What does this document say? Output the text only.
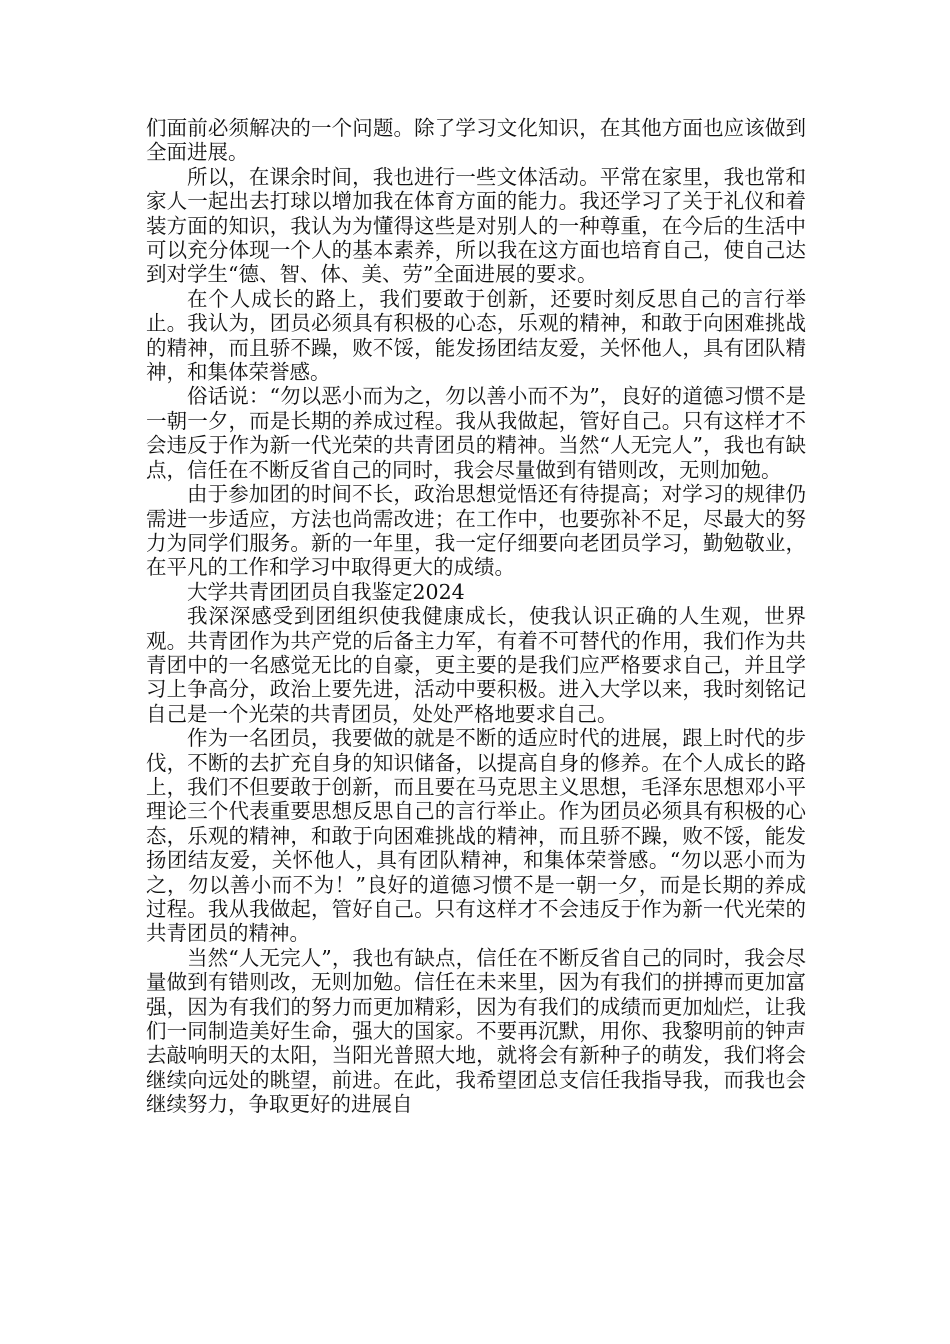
们面前必须解决的一个问题。除了学习文化知识，在其他方面也应该做到全面进展。

所以，在课余时间，我也进行一些文体活动。平常在家里，我也常和家人一起出去打球以增加我在体育方面的能力。我还学习了关于礼仪和着装方面的知识，我认为为懂得这些是对别人的一种尊重，在今后的生活中可以充分体现一个人的基本素养，所以我在这方面也培育自己，使自己达到对学生“德、智、体、美、劳”全面进展的要求。

在个人成长的路上，我们要敢于创新，还要时刻反思自己的言行举止。我认为，团员必须具有积极的心态，乐观的精神，和敢于向困难挑战的精神，而且骄不躁，败不馁，能发扬团结友爱，关怀他人，具有团队精神，和集体荣誉感。

俗话说：“勿以恶小而为之，勿以善小而不为”，良好的道德习惯不是一朝一夕，而是长期的养成过程。我从我做起，管好自己。只有这样才不会违反于作为新一代光荣的共青团员的精神。当然“人无完人”，我也有缺点，信任在不断反省自己的同时，我会尽量做到有错则改，无则加勉。

由于参加团的时间不长，政治思想觉悟还有待提高；对学习的规律仍需进一步适应，方法也尚需改进；在工作中，也要弥补不足，尽最大的努力为同学们服务。新的一年里，我一定仔细要向老团员学习，勤勉敬业，在平凡的工作和学习中取得更大的成绩。

大学共青团团员自我鉴定2024

我深深感受到团组织使我健康成长，使我认识正确的人生观，世界观。共青团作为共产党的后备主力军，有着不可替代的作用，我们作为共青团中的一名感觉无比的自豪，更主要的是我们应严格要求自己，并且学习上争高分，政治上要先进，活动中要积极。进入大学以来，我时刻铭记自己是一个光荣的共青团员，处处严格地要求自己。

作为一名团员，我要做的就是不断的适应时代的进展，跟上时代的步伐，不断的去扩充自身的知识储备，以提高自身的修养。在个人成长的路上，我们不但要敢于创新，而且要在马克思主义思想，毛泽东思想邓小平理论三个代表重要思想反思自己的言行举止。作为团员必须具有积极的心态，乐观的精神，和敢于向困难挑战的精神，而且骄不躁，败不馁，能发扬团结友爱，关怀他人，具有团队精神，和集体荣誉感。“勿以恶小而为之，勿以善小而不为！”良好的道德习惯不是一朝一夕，而是长期的养成过程。我从我做起，管好自己。只有这样才不会违反于作为新一代光荣的共青团员的精神。

当然“人无完人”，我也有缺点，信任在不断反省自己的同时，我会尽量做到有错则改，无则加勉。信任在未来里，因为有我们的拼搏而更加富强，因为有我们的努力而更加精彩，因为有我们的成绩而更加灿烂，让我们一同制造美好生命，强大的国家。不要再沉默，用你、我黎明前的钟声去敲响明天的太阳，当阳光普照大地，就将会有新种子的萌发，我们将会继续向远处的眺望，前进。在此，我希望团总支信任我指导我，而我也会继续努力，争取更好的进展自
